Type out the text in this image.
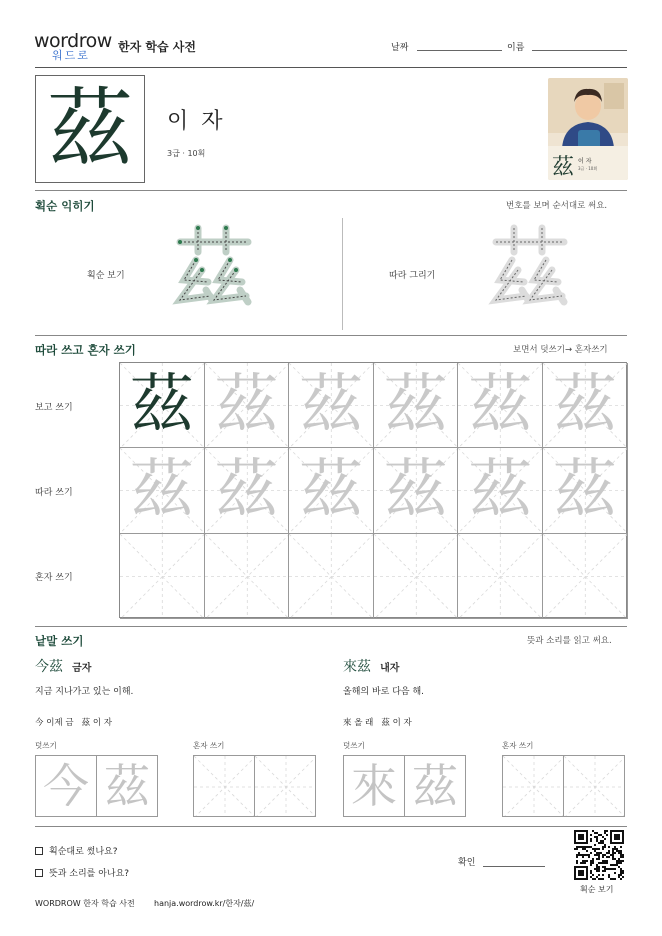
wordrow
워드로
한자 학습 사전	날짜	이름
茲 이 자
3급 · 10획
茲 이 자
3급 · 10획
획순 익히기	번호를 보며 순서대로 써요.
획순 보기	따라 그리기
따라 쓰고 혼자 쓰기	보면서 덧쓰기→ 혼자쓰기
보고 쓰기
따라 쓰기
혼자 쓰기
茲 茲 茲 茲 茲 茲
茲 茲 茲 茲 茲 茲
낱말 쓰기	뜻과 소리를 읽고 써요.
今茲 금자
지금 지나가고 있는 이해.
今 이제 금   茲 이 자
덧쓰기	혼자 쓰기
今 茲
來茲 내자
올해의 바로 다음 해.
來 올 래   茲 이 자
덧쓰기	혼자 쓰기
來 茲
획순대로 썼나요?
뜻과 소리를 아나요?
확인
획순 보기
WORDROW 한자 학습 사전 hanja.wordrow.kr/한자/茲/
